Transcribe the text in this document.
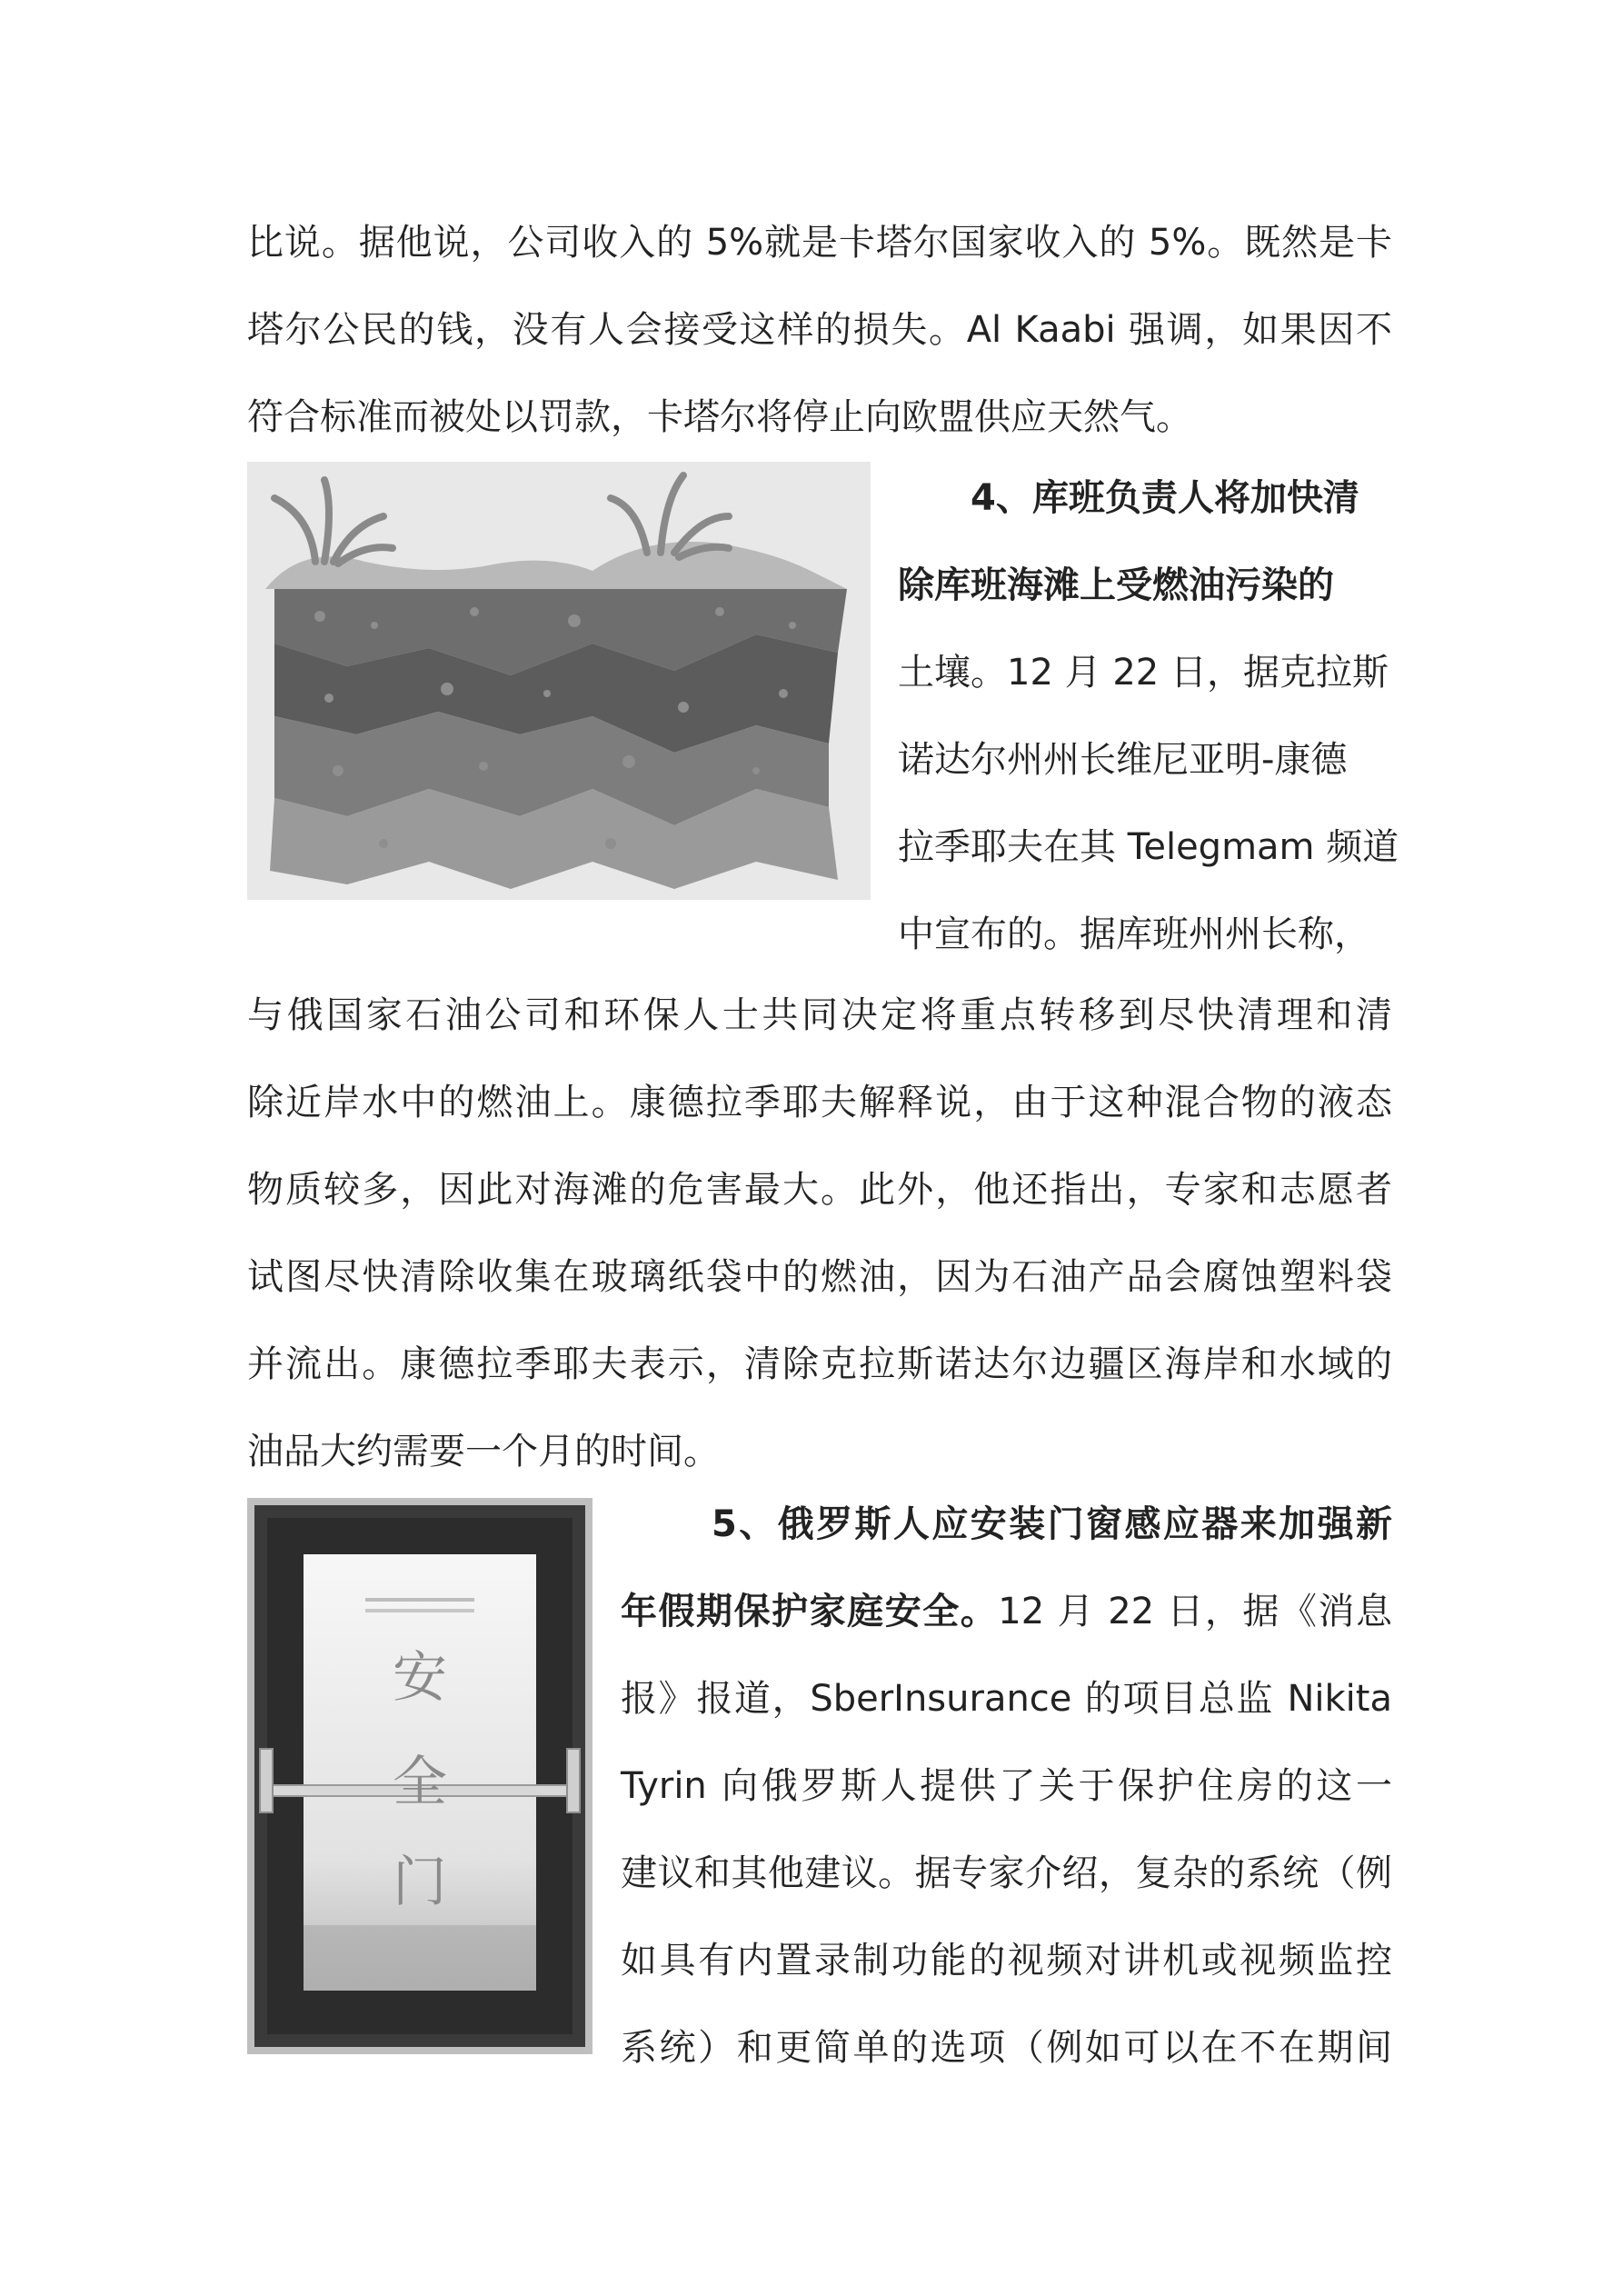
比说。据他说，公司收入的 5%就是卡塔尔国家收入的 5%。既然是卡
塔尔公民的钱，没有人会接受这样的损失。Al Kaabi 强调，如果因不
符合标准而被处以罚款，卡塔尔将停止向欧盟供应天然气。
4、库班负责人将加快清
除库班海滩上受燃油污染的
土壤。12 月 22 日，据克拉斯
诺达尔州州长维尼亚明-康德
拉季耶夫在其 Telegmam 频道
中宣布的。据库班州州长称，
与俄国家石油公司和环保人士共同决定将重点转移到尽快清理和清
除近岸水中的燃油上。康德拉季耶夫解释说，由于这种混合物的液态
物质较多，因此对海滩的危害最大。此外，他还指出，专家和志愿者
试图尽快清除收集在玻璃纸袋中的燃油，因为石油产品会腐蚀塑料袋
并流出。康德拉季耶夫表示，清除克拉斯诺达尔边疆区海岸和水域的
油品大约需要一个月的时间。
安
全
门
5、俄罗斯人应安装门窗感应器来加强新
年假期保护家庭安全。12 月 22 日，据《消息
报》报道，SberInsurance 的项目总监 Nikita
Tyrin 向俄罗斯人提供了关于保护住房的这一
建议和其他建议。据专家介绍，复杂的系统（例
如具有内置录制功能的视频对讲机或视频监控
系统）和更简单的选项（例如可以在不在期间
